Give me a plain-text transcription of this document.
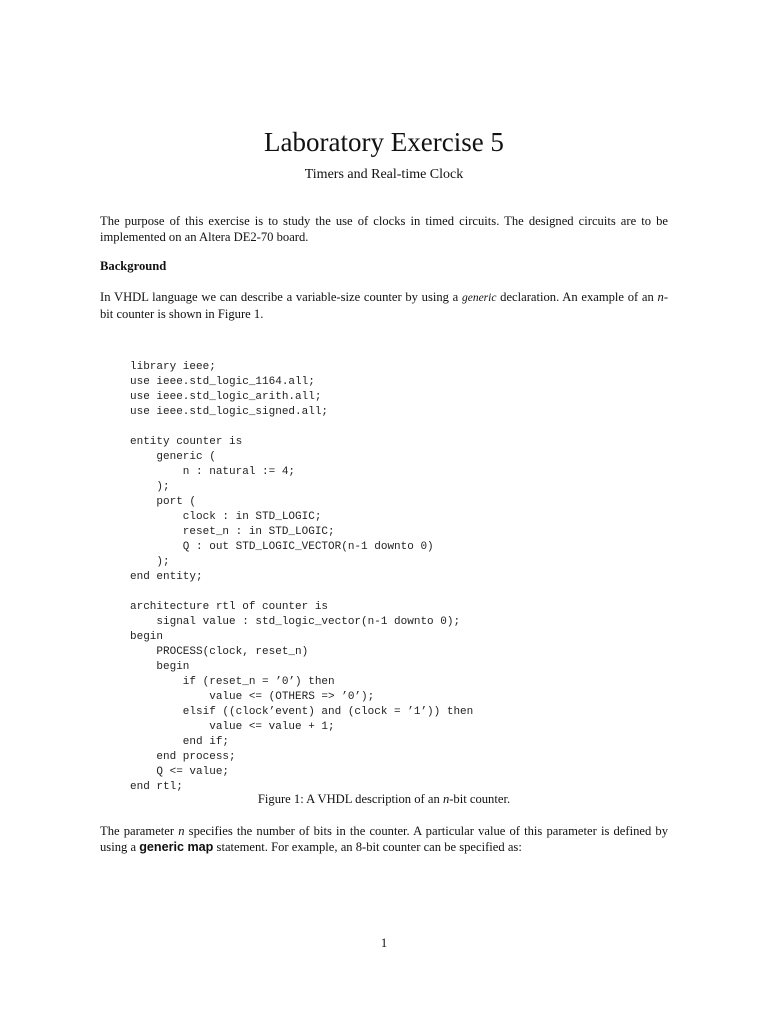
Laboratory Exercise 5
Timers and Real-time Clock
The purpose of this exercise is to study the use of clocks in timed circuits. The designed circuits are to be implemented on an Altera DE2-70 board.
Background
In VHDL language we can describe a variable-size counter by using a generic declaration. An example of an n-bit counter is shown in Figure 1.
library ieee;
use ieee.std_logic_1164.all;
use ieee.std_logic_arith.all;
use ieee.std_logic_signed.all;

entity counter is
generic (
n : natural := 4;
);
port (
clock : in STD_LOGIC;
reset_n : in STD_LOGIC;
Q : out STD_LOGIC_VECTOR(n-1 downto 0)
);
end entity;

architecture rtl of counter is
signal value : std_logic_vector(n-1 downto 0);
begin
PROCESS(clock, reset_n)
begin
if (reset_n = ’0’) then
value <= (OTHERS => ’0’);
elsif ((clock’event) and (clock = ’1’)) then
value <= value + 1;
end if;
end process;
Q <= value;
end rtl;

Figure 1: A VHDL description of an n-bit counter.
The parameter n specifies the number of bits in the counter. A particular value of this parameter is defined by using a generic map statement. For example, an 8-bit counter can be specified as:
1
